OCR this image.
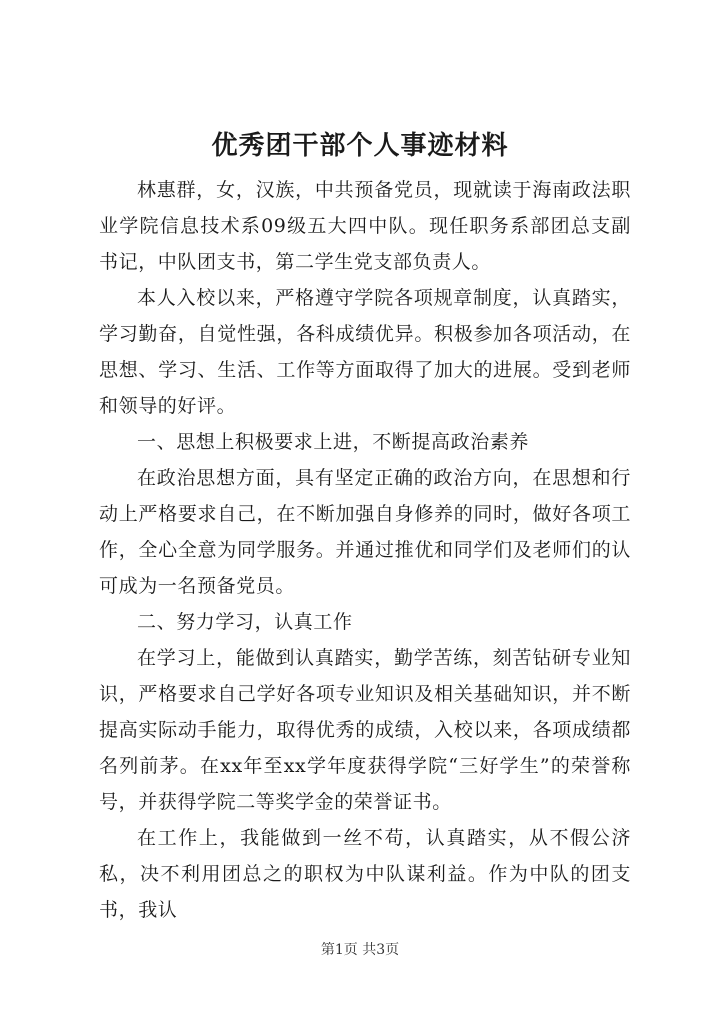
优秀团干部个人事迹材料

林惠群，女，汉族，中共预备党员，现就读于海南政法职业学院信息技术系09级五大四中队。现任职务系部团总支副书记，中队团支书，第二学生党支部负责人。

本人入校以来，严格遵守学院各项规章制度，认真踏实，学习勤奋，自觉性强，各科成绩优异。积极参加各项活动，在思想、学习、生活、工作等方面取得了加大的进展。受到老师和领导的好评。

一、思想上积极要求上进，不断提高政治素养

在政治思想方面，具有坚定正确的政治方向，在思想和行动上严格要求自己，在不断加强自身修养的同时，做好各项工作，全心全意为同学服务。并通过推优和同学们及老师们的认可成为一名预备党员。

二、努力学习，认真工作

在学习上，能做到认真踏实，勤学苦练，刻苦钻研专业知识，严格要求自己学好各项专业知识及相关基础知识，并不断提高实际动手能力，取得优秀的成绩，入校以来，各项成绩都名列前茅。在xx年至xx学年度获得学院“三好学生”的荣誉称号，并获得学院二等奖学金的荣誉证书。

在工作上，我能做到一丝不苟，认真踏实，从不假公济私，决不利用团总之的职权为中队谋利益。作为中队的团支书，我认

第1页 共3页
